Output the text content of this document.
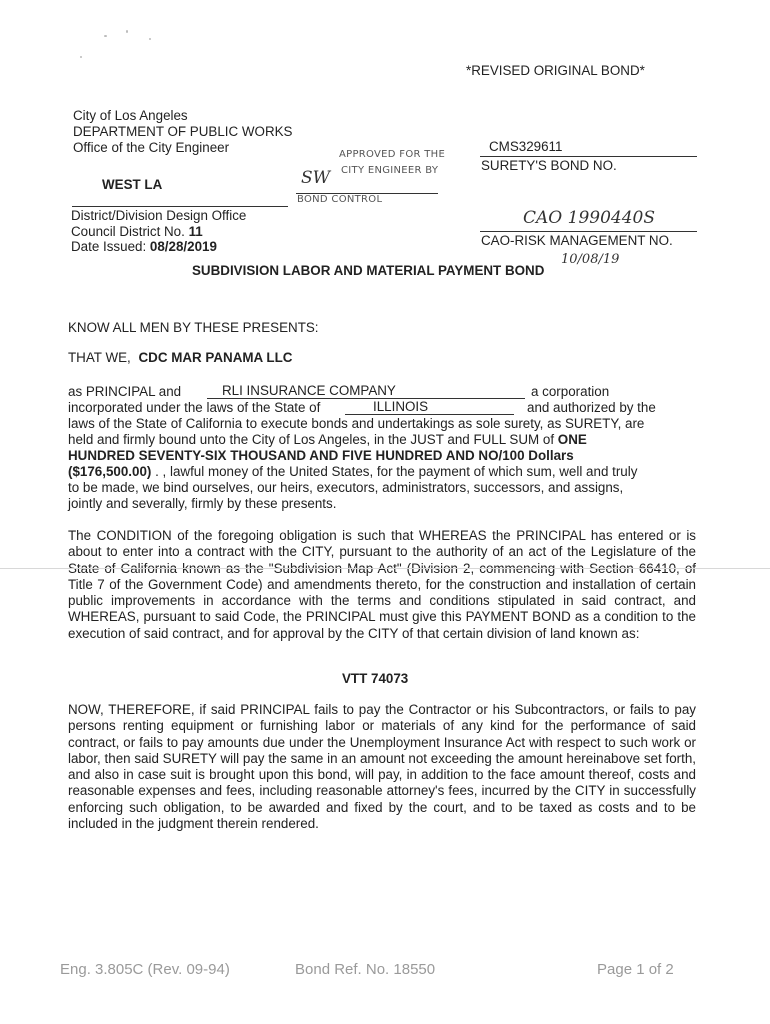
*REVISED ORIGINAL BOND*
City of Los Angeles
DEPARTMENT OF PUBLIC WORKS
Office of the City Engineer
WEST LA
District/Division Design Office
Council District No. 11
Date Issued: 08/28/2019
APPROVED FOR THE
CITY ENGINEER BY
SW
BOND CONTROL
CMS329611
SURETY'S BOND NO.
CAO 1990440S
CAO-RISK MANAGEMENT NO.
10/08/19
SUBDIVISION LABOR AND MATERIAL PAYMENT BOND
KNOW ALL MEN BY THESE PRESENTS:
THAT WE, CDC MAR PANAMA LLC
as PRINCIPAL and	RLI INSURANCE COMPANY	a corporation
incorporated under the laws of the State of	ILLINOIS	and authorized by the
laws of the State of California to execute bonds and undertakings as sole surety, as SURETY, are
held and firmly bound unto the City of Los Angeles, in the JUST and FULL SUM of ONE
HUNDRED SEVENTY-SIX THOUSAND AND FIVE HUNDRED AND NO/100 Dollars
($176,500.00) . , lawful money of the United States, for the payment of which sum, well and truly
to be made, we bind ourselves, our heirs, executors, administrators, successors, and assigns,
jointly and severally, firmly by these presents.
The CONDITION of the foregoing obligation is such that WHEREAS the PRINCIPAL has entered or is about to enter into a contract with the CITY, pursuant to the authority of an act of the Legislature of the State of California known as the "Subdivision Map Act" (Division 2, commencing with Section 66410, of Title 7 of the Government Code) and amendments thereto, for the construction and installation of certain public improvements in accordance with the terms and conditions stipulated in said contract, and WHEREAS, pursuant to said Code, the PRINCIPAL must give this PAYMENT BOND as a condition to the execution of said contract, and for approval by the CITY of that certain division of land known as:
VTT 74073
NOW, THEREFORE, if said PRINCIPAL fails to pay the Contractor or his Subcontractors, or fails to pay persons renting equipment or furnishing labor or materials of any kind for the performance of said contract, or fails to pay amounts due under the Unemployment Insurance Act with respect to such work or labor, then said SURETY will pay the same in an amount not exceeding the amount hereinabove set forth, and also in case suit is brought upon this bond, will pay, in addition to the face amount thereof, costs and reasonable expenses and fees, including reasonable attorney's fees, incurred by the CITY in successfully enforcing such obligation, to be awarded and fixed by the court, and to be taxed as costs and to be included in the judgment therein rendered.
Eng. 3.805C (Rev. 09-94)	Bond Ref. No. 18550	Page 1 of 2
